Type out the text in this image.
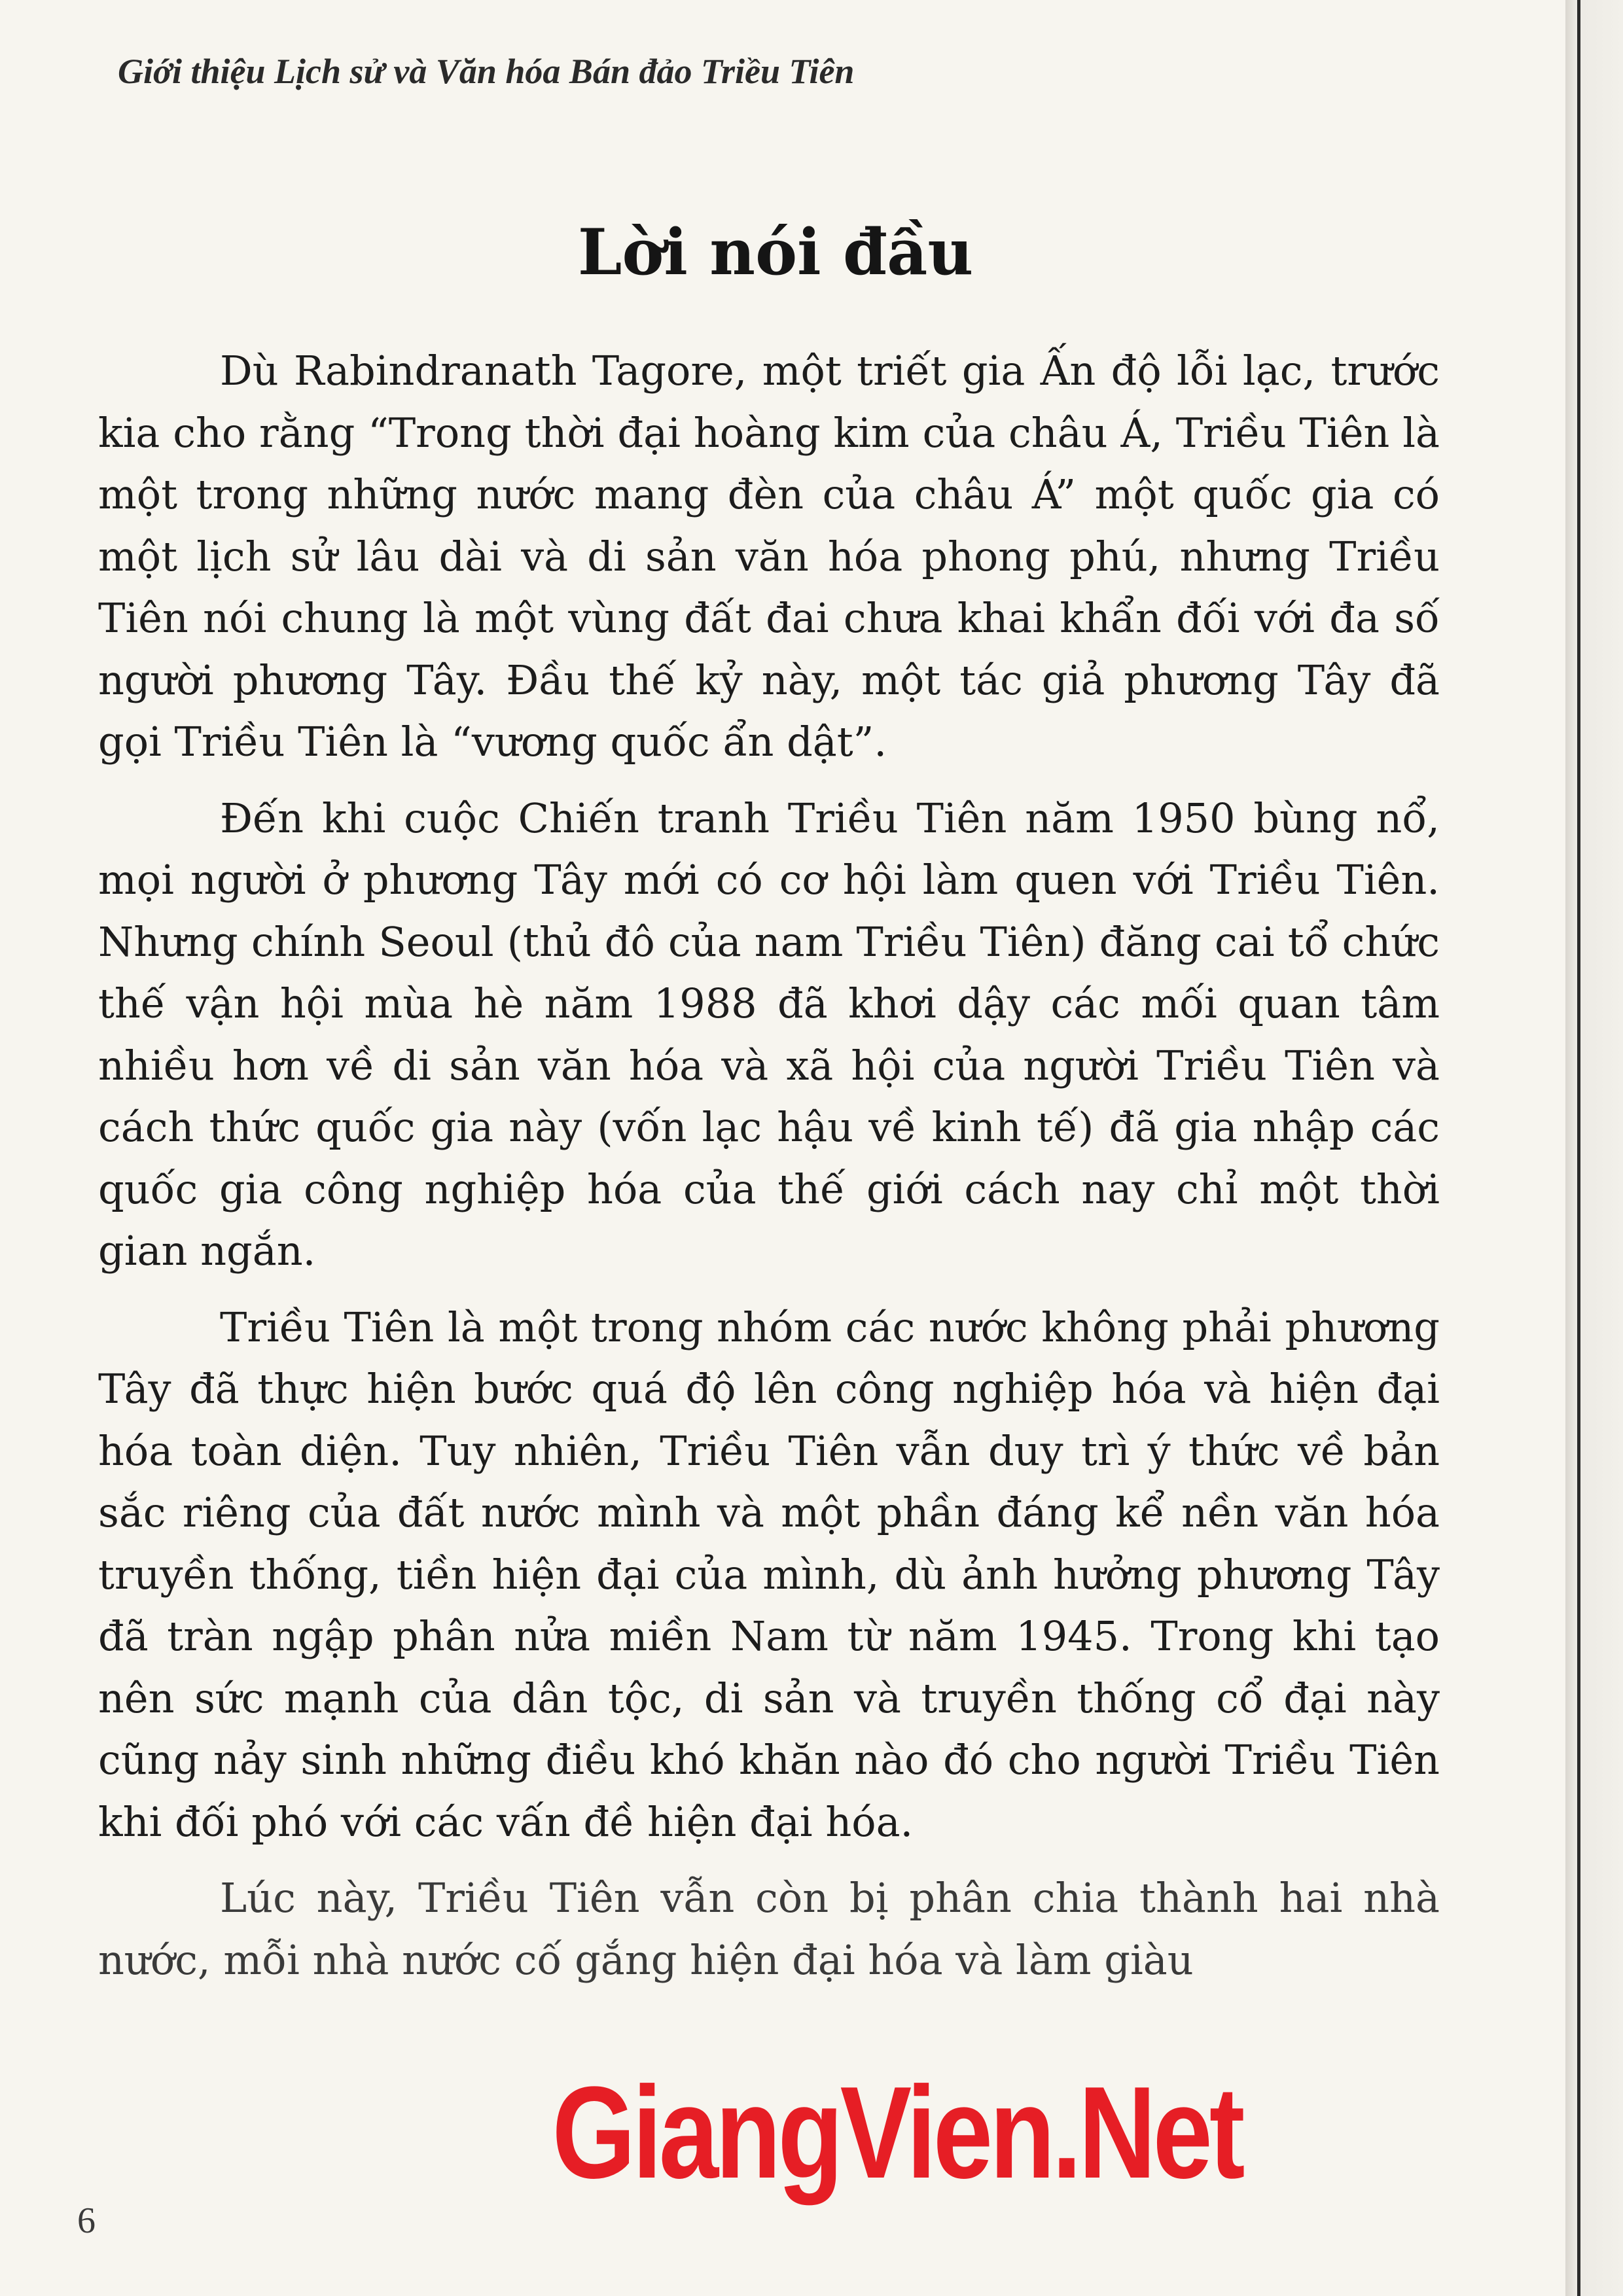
Giới thiệu Lịch sử và Văn hóa Bán đảo Triều Tiên
Lời nói đầu

Dù Rabindranath Tagore, một triết gia Ấn độ lỗi lạc, trước kia cho rằng “Trong thời đại hoàng kim của châu Á, Triều Tiên là một trong những nước mang đèn của châu Á” một quốc gia có một lịch sử lâu dài và di sản văn hóa phong phú, nhưng Triều Tiên nói chung là một vùng đất đai chưa khai khẩn đối với đa số người phương Tây. Đầu thế kỷ này, một tác giả phương Tây đã gọi Triều Tiên là “vương quốc ẩn dật”.

Đến khi cuộc Chiến tranh Triều Tiên năm 1950 bùng nổ, mọi người ở phương Tây mới có cơ hội làm quen với Triều Tiên. Nhưng chính Seoul (thủ đô của nam Triều Tiên) đăng cai tổ chức thế vận hội mùa hè năm 1988 đã khơi dậy các mối quan tâm nhiều hơn về di sản văn hóa và xã hội của người Triều Tiên và cách thức quốc gia này (vốn lạc hậu về kinh tế) đã gia nhập các quốc gia công nghiệp hóa của thế giới cách nay chỉ một thời gian ngắn.

Triều Tiên là một trong nhóm các nước không phải phương Tây đã thực hiện bước quá độ lên công nghiệp hóa và hiện đại hóa toàn diện. Tuy nhiên, Triều Tiên vẫn duy trì ý thức về bản sắc riêng của đất nước mình và một phần đáng kể nền văn hóa truyền thống, tiền hiện đại của mình, dù ảnh hưởng phương Tây đã tràn ngập phân nửa miền Nam từ năm 1945. Trong khi tạo nên sức mạnh của dân tộc, di sản và truyền thống cổ đại này cũng nảy sinh những điều khó khăn nào đó cho người Triều Tiên khi đối phó với các vấn đề hiện đại hóa.

Lúc này, Triều Tiên vẫn còn bị phân chia thành hai nhà nước, mỗi nhà nước cố gắng hiện đại hóa và làm giàu

GiangVien.Net
6
